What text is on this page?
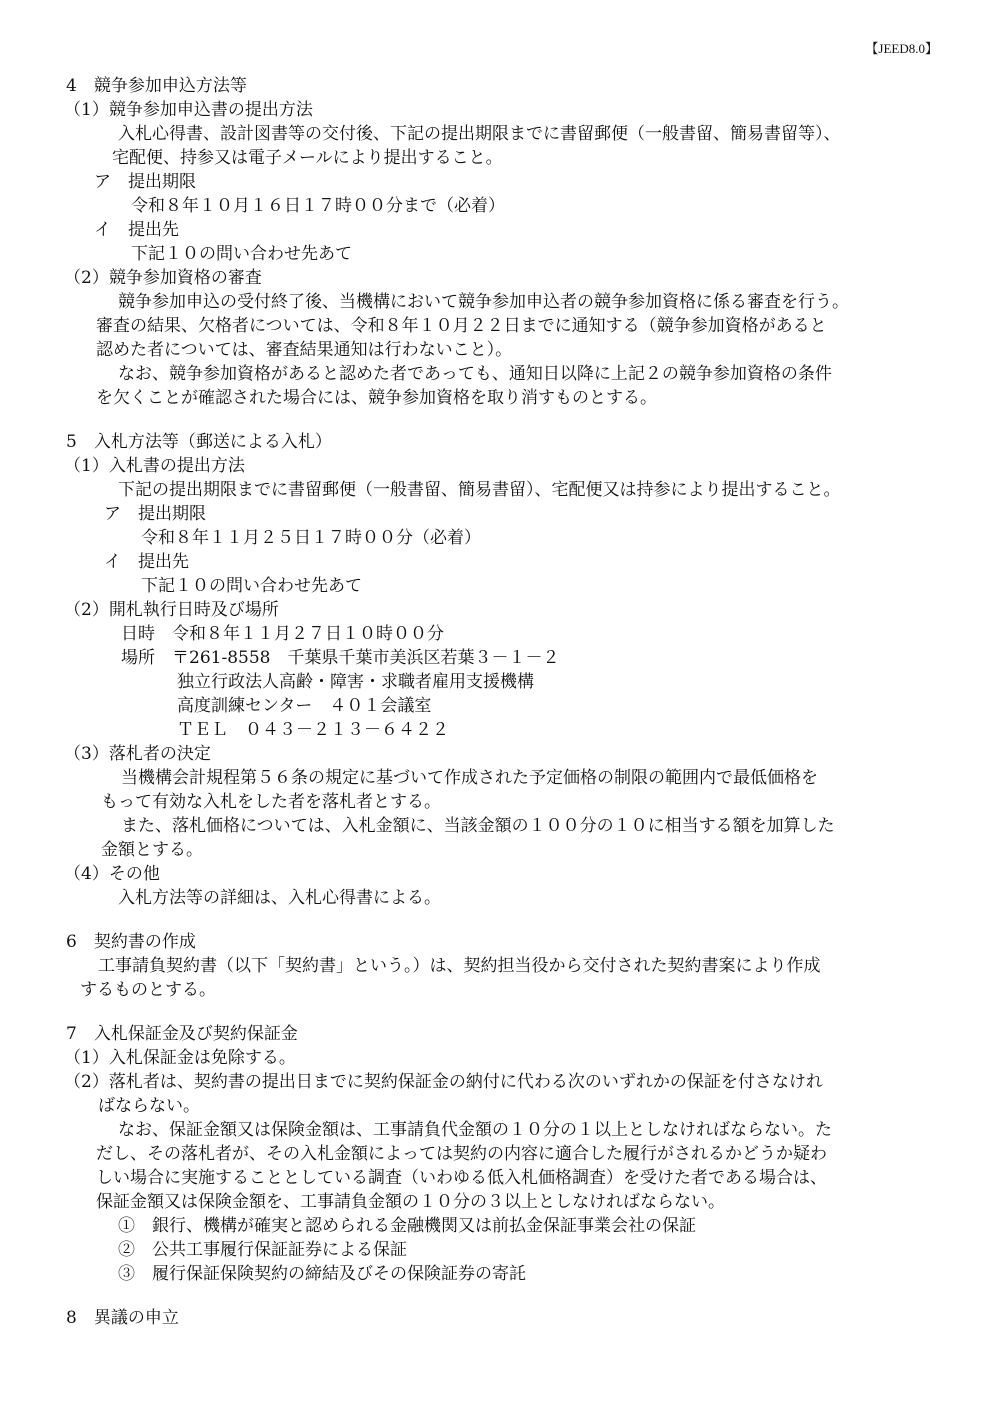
【JEED8.0】
4　競争参加申込方法等
（1）競争参加申込書の提出方法
入札心得書、設計図書等の交付後、下記の提出期限までに書留郵便（一般書留、簡易書留等）、
宅配便、持参又は電子メールにより提出すること。
ア　提出期限
令和８年１０月１６日１７時００分まで（必着）
イ　提出先
下記１０の問い合わせ先あて
（2）競争参加資格の審査
競争参加申込の受付終了後、当機構において競争参加申込者の競争参加資格に係る審査を行う。
審査の結果、欠格者については、令和８年１０月２２日までに通知する（競争参加資格があると
認めた者については、審査結果通知は行わないこと）。
なお、競争参加資格があると認めた者であっても、通知日以降に上記２の競争参加資格の条件
を欠くことが確認された場合には、競争参加資格を取り消すものとする。
5　入札方法等（郵送による入札）
（1）入札書の提出方法
下記の提出期限までに書留郵便（一般書留、簡易書留）、宅配便又は持参により提出すること。
ア　提出期限
令和８年１１月２５日１７時００分（必着）
イ　提出先
下記１０の問い合わせ先あて
（2）開札執行日時及び場所
日時　令和８年１１月２７日１０時００分
場所　〒261-8558　千葉県千葉市美浜区若葉３－１－２
独立行政法人高齢・障害・求職者雇用支援機構
高度訓練センター　４０１会議室
ＴＥＬ　０４３－２１３－６４２２
（3）落札者の決定
当機構会計規程第５６条の規定に基づいて作成された予定価格の制限の範囲内で最低価格を
もって有効な入札をした者を落札者とする。
また、落札価格については、入札金額に、当該金額の１００分の１０に相当する額を加算した
金額とする。
（4）その他
入札方法等の詳細は、入札心得書による。
6　契約書の作成
工事請負契約書（以下「契約書」という。）は、契約担当役から交付された契約書案により作成
するものとする。
7　入札保証金及び契約保証金
（1）入札保証金は免除する。
（2）落札者は、契約書の提出日までに契約保証金の納付に代わる次のいずれかの保証を付さなけれ
ばならない。
なお、保証金額又は保険金額は、工事請負代金額の１０分の１以上としなければならない。た
だし、その落札者が、その入札金額によっては契約の内容に適合した履行がされるかどうか疑わ
しい場合に実施することとしている調査（いわゆる低入札価格調査）を受けた者である場合は、
保証金額又は保険金額を、工事請負金額の１０分の３以上としなければならない。
①　銀行、機構が確実と認められる金融機関又は前払金保証事業会社の保証
②　公共工事履行保証証券による保証
③　履行保証保険契約の締結及びその保険証券の寄託
8　異議の申立
